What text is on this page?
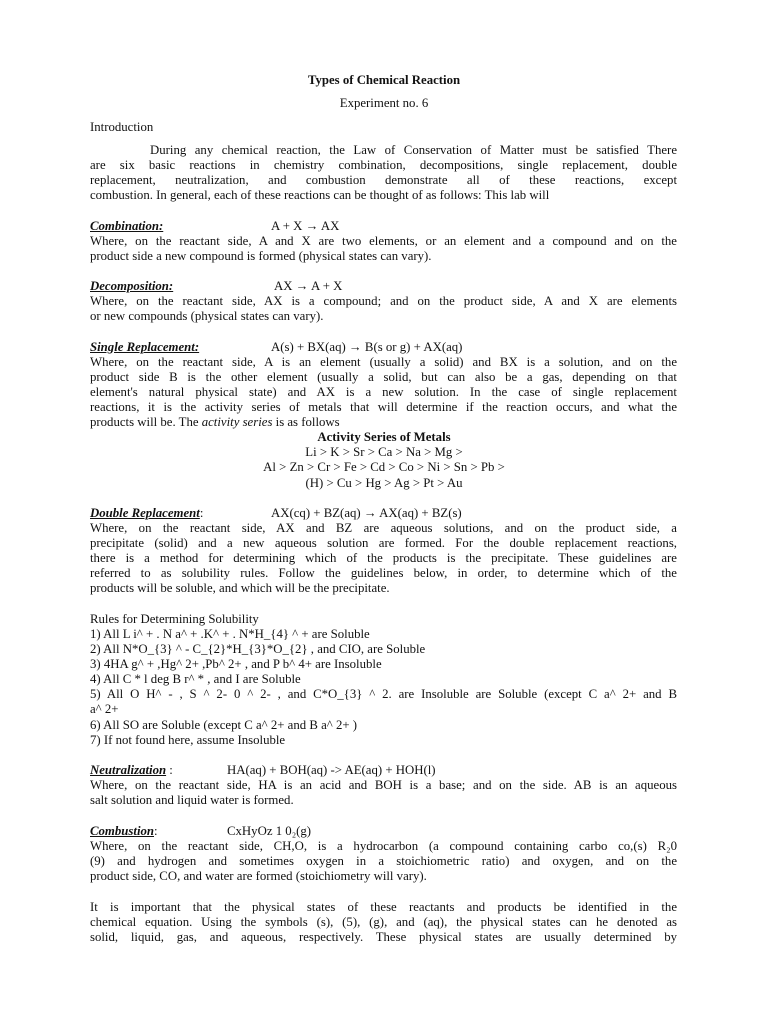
Types of Chemical Reaction
Experiment no. 6
Introduction
During any chemical reaction, the Law of Conservation of Matter must be satisfied There
are six basic reactions in chemistry combination, decompositions, single replacement, double
replacement, neutralization, and combustion demonstrate all of these reactions, except
combustion. In general, each of these reactions can be thought of as follows: This lab will
Combination:	A + X → AX
Where, on the reactant side, A and X are two elements, or an element and a compound and on the
product side a new compound is formed (physical states can vary).
Decomposition:	AX → A + X
Where, on the reactant side, AX is a compound; and on the product side, A and X are elements
or new compounds (physical states can vary).
Single Replacement:	A(s) + BX(aq) → B(s or g) + AX(aq)
Where, on the reactant side, A is an element (usually a solid) and BX is a solution, and on the
product side B is the other element (usually a solid, but can also be a gas, depending on that
element's natural physical state) and AX is a new solution. In the case of single replacement
reactions, it is the activity series of metals that will determine if the reaction occurs, and what the
products will be. The activity series is as follows
Activity Series of Metals
Li > K > Sr > Ca > Na > Mg >
Al > Zn > Cr > Fe > Cd > Co > Ni > Sn > Pb >
(H) > Cu > Hg > Ag > Pt > Au
Double Replacement:	AX(cq) + BZ(aq) → AX(aq) + BZ(s)
Where, on the reactant side, AX and BZ are aqueous solutions, and on the product side, a
precipitate (solid) and a new aqueous solution are formed. For the double replacement reactions,
there is a method for determining which of the products is the precipitate. These guidelines are
referred to as solubility rules. Follow the guidelines below, in order, to determine which of the
products will be soluble, and which will be the precipitate.
Rules for Determining Solubility
1) All L i^ + . N a^ + .K^ + . N*H_{4} ^ + are Soluble
2) All N*O_{3} ^ - C_{2}*H_{3}*O_{2} , and CIO, are Soluble
3) 4HA g^ + ,Hg^ 2+ ,Pb^ 2+ , and P b^ 4+ are Insoluble
4) All C * l deg B r^ * , and I are Soluble
5) All O H^ - , S ^ 2- 0 ^ 2- , and C*O_{3} ^ 2. are Insoluble are Soluble (except C a^ 2+ and B
a^ 2+
6) All SO are Soluble (except C a^ 2+ and B a^ 2+ )
7) If not found here, assume Insoluble
Neutralization :	HA(aq) + BOH(aq) -> AE(aq) + HOH(l)
Where, on the reactant side, HA is an acid and BOH is a base; and on the side. AB is an aqueous
salt solution and liquid water is formed.
Combustion:	CxHyOz 1 0₂(g)
Where, on the reactant side, CH,O, is a hydrocarbon (a compound containing carbo co,(s) R₂0
(9) and hydrogen and sometimes oxygen in a stoichiometric ratio) and oxygen, and on the
product side, CO, and water are formed (stoichiometry will vary).
It is important that the physical states of these reactants and products be identified in the
chemical equation. Using the symbols (s), (5), (g), and (aq), the physical states can he denoted as
solid, liquid, gas, and aqueous, respectively. These physical states are usually determined by
